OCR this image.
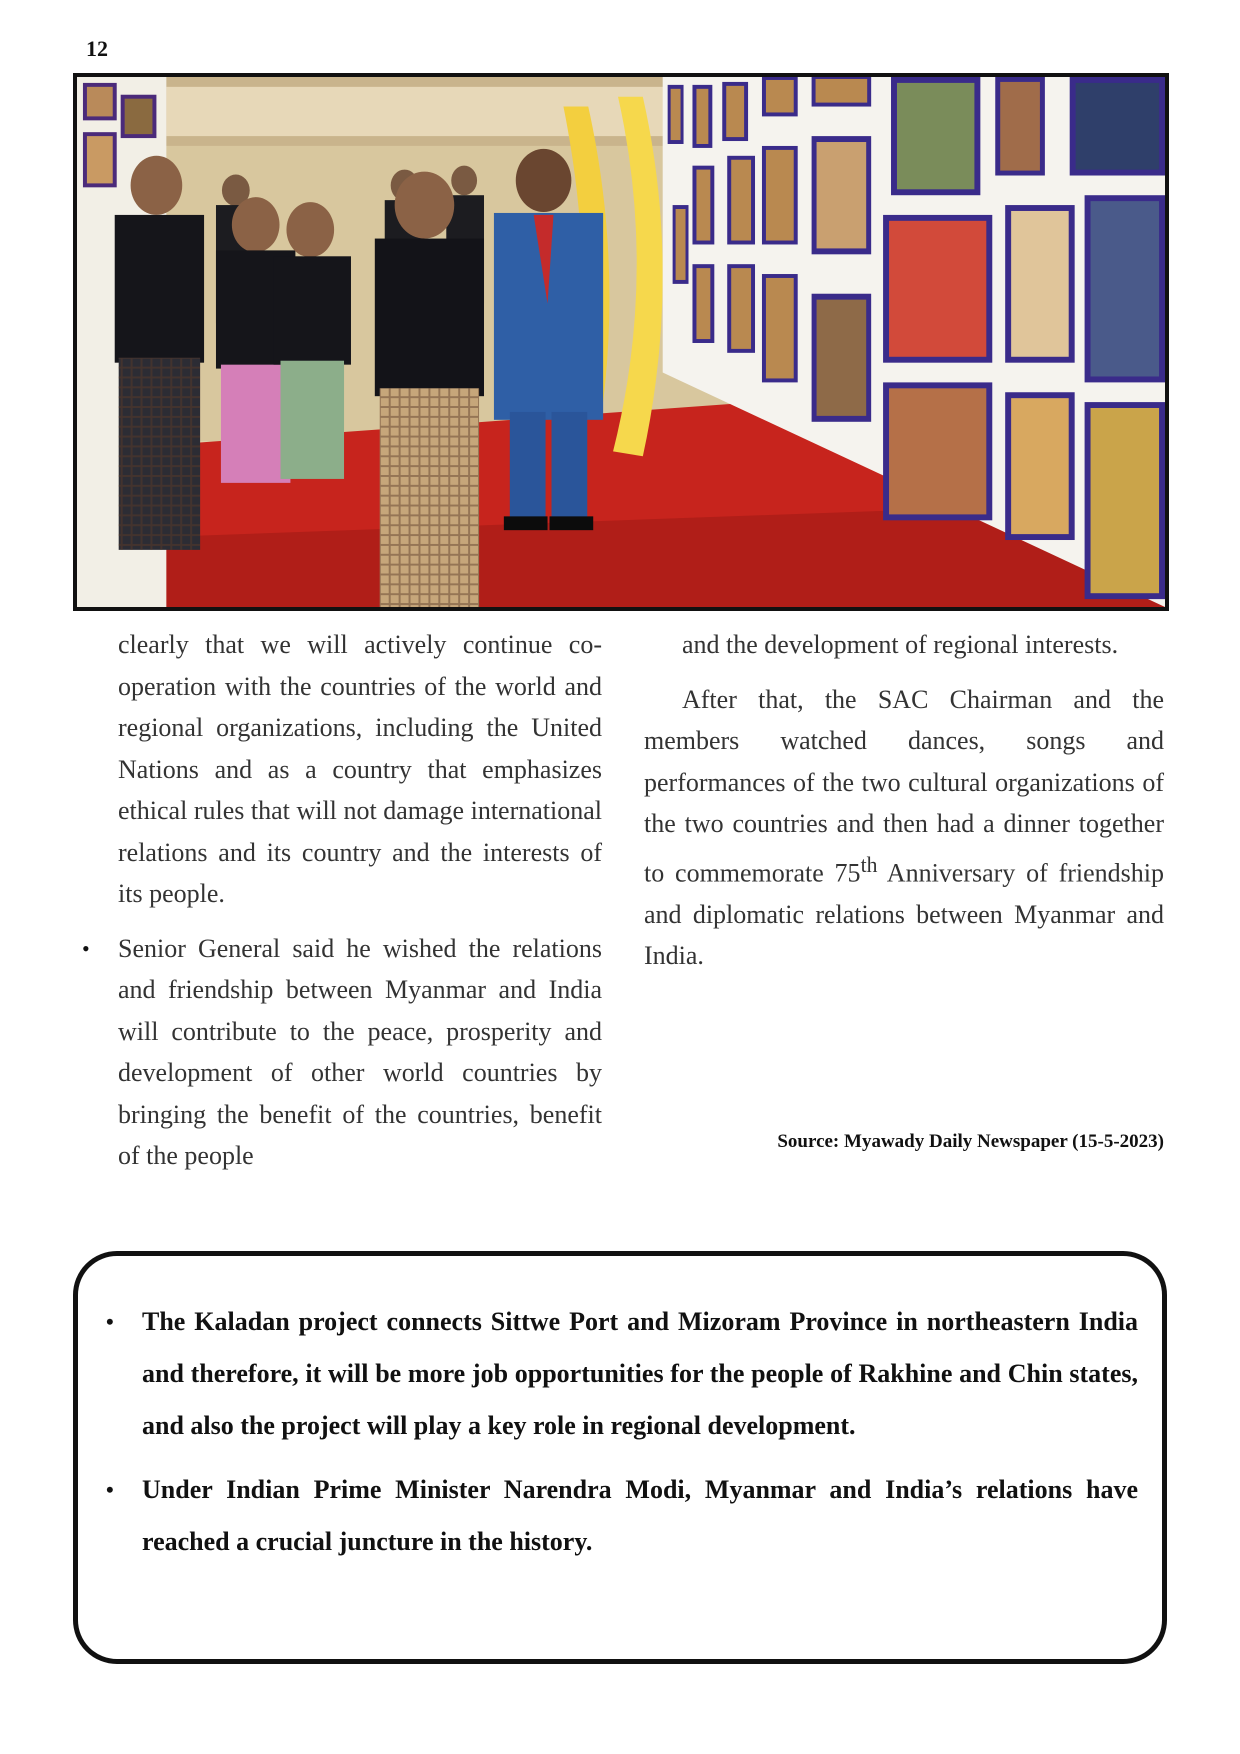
12

clearly that we will actively continue co-operation with the countries of the world and regional organizations, including the United Nations and as a country that emphasizes ethical rules that will not damage international relations and its country and the interests of its people.

• Senior General said he wished the relations and friendship between Myanmar and India will contribute to the peace, prosperity and development of other world countries by bringing the benefit of the countries, benefit of the people

and the development of regional interests.

After that, the SAC Chairman and the members watched dances, songs and performances of the two cultural organizations of the two countries and then had a dinner together to commemorate 75th Anniversary of friendship and diplomatic relations between Myanmar and India.

Source: Myawady Daily Newspaper (15-5-2023)
• The Kaladan project connects Sittwe Port and Mizoram Province in northeastern India and therefore, it will be more job opportunities for the people of Rakhine and Chin states, and also the project will play a key role in regional development.
• Under Indian Prime Minister Narendra Modi, Myanmar and India’s relations have reached a crucial juncture in the history.
